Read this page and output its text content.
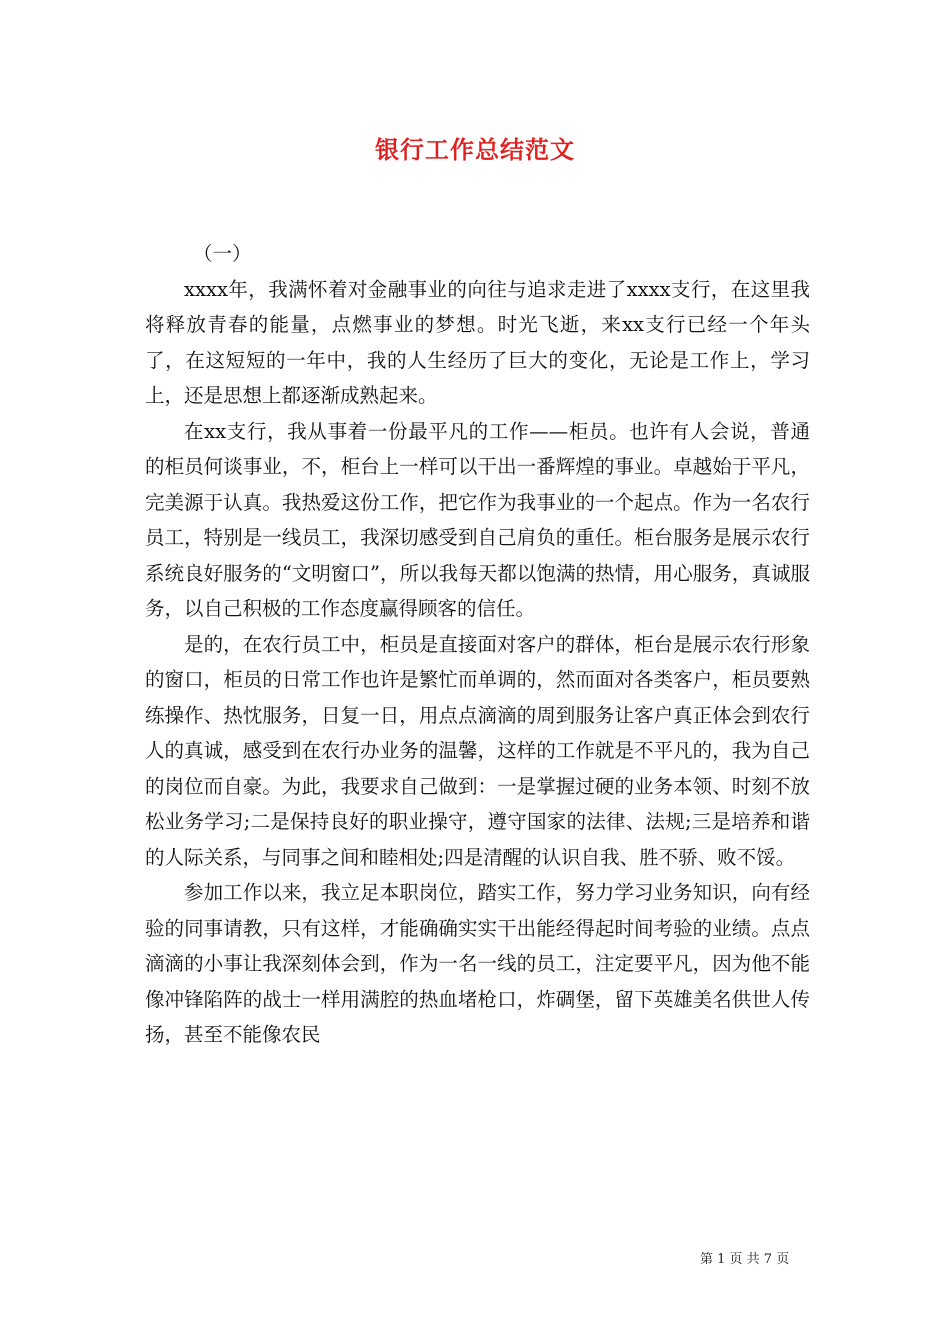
银行工作总结范文

（一）

xxxx年，我满怀着对金融事业的向往与追求走进了xxxx支行，在这里我将释放青春的能量，点燃事业的梦想。时光飞逝，来xx支行已经一个年头了，在这短短的一年中，我的人生经历了巨大的变化，无论是工作上，学习上，还是思想上都逐渐成熟起来。

在xx支行，我从事着一份最平凡的工作——柜员。也许有人会说，普通的柜员何谈事业，不，柜台上一样可以干出一番辉煌的事业。卓越始于平凡，完美源于认真。我热爱这份工作，把它作为我事业的一个起点。作为一名农行员工，特别是一线员工，我深切感受到自己肩负的重任。柜台服务是展示农行系统良好服务的“文明窗口”，所以我每天都以饱满的热情，用心服务，真诚服务，以自己积极的工作态度赢得顾客的信任。

是的，在农行员工中，柜员是直接面对客户的群体，柜台是展示农行形象的窗口，柜员的日常工作也许是繁忙而单调的，然而面对各类客户，柜员要熟练操作、热忱服务，日复一日，用点点滴滴的周到服务让客户真正体会到农行人的真诚，感受到在农行办业务的温馨，这样的工作就是不平凡的，我为自己的岗位而自豪。为此，我要求自己做到：一是掌握过硬的业务本领、时刻不放松业务学习;二是保持良好的职业操守，遵守国家的法律、法规;三是培养和谐的人际关系，与同事之间和睦相处;四是清醒的认识自我、胜不骄、败不馁。

参加工作以来，我立足本职岗位，踏实工作，努力学习业务知识，向有经验的同事请教，只有这样，才能确确实实干出能经得起时间考验的业绩。点点滴滴的小事让我深刻体会到，作为一名一线的员工，注定要平凡，因为他不能像冲锋陷阵的战士一样用满腔的热血堵枪口，炸碉堡，留下英雄美名供世人传扬，甚至不能像农民

第 1 页 共 7 页
